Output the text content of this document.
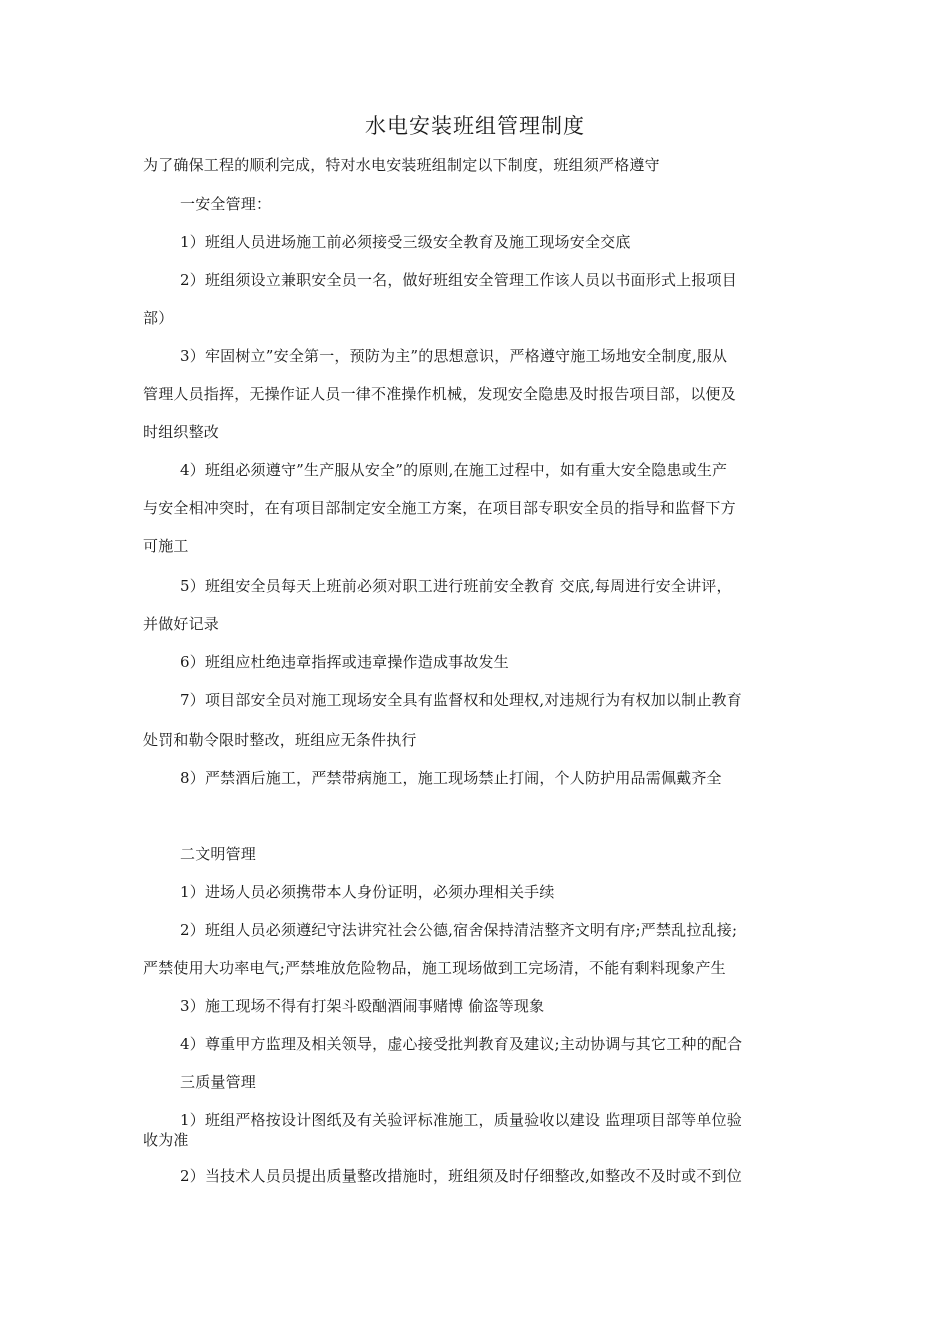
水电安装班组管理制度
为了确保工程的顺利完成，特对水电安装班组制定以下制度，班组须严格遵守
一安全管理：
1）班组人员进场施工前必须接受三级安全教育及施工现场安全交底
2）班组须设立兼职安全员一名，做好班组安全管理工作该人员以书面形式上报项目
部）
3）牢固树立”安全第一，预防为主”的思想意识，严格遵守施工场地安全制度,服从
管理人员指挥，无操作证人员一律不准操作机械，发现安全隐患及时报告项目部，以便及
时组织整改
4）班组必须遵守”生产服从安全”的原则,在施工过程中，如有重大安全隐患或生产
与安全相冲突时，在有项目部制定安全施工方案，在项目部专职安全员的指导和监督下方
可施工
5）班组安全员每天上班前必须对职工进行班前安全教育 交底,每周进行安全讲评，
并做好记录
6）班组应杜绝违章指挥或违章操作造成事故发生
7）项目部安全员对施工现场安全具有监督权和处理权,对违规行为有权加以制止教育
处罚和勒令限时整改，班组应无条件执行
8）严禁酒后施工，严禁带病施工，施工现场禁止打闹，个人防护用品需佩戴齐全
二文明管理
1）进场人员必须携带本人身份证明，必须办理相关手续
2）班组人员必须遵纪守法讲究社会公德,宿舍保持清洁整齐文明有序;严禁乱拉乱接;
严禁使用大功率电气;严禁堆放危险物品，施工现场做到工完场清，不能有剩料现象产生
3）施工现场不得有打架斗殴酗酒闹事赌博 偷盗等现象
4）尊重甲方监理及相关领导，虚心接受批判教育及建议;主动协调与其它工种的配合
三质量管理
1）班组严格按设计图纸及有关验评标准施工，质量验收以建设 监理项目部等单位验
收为准
2）当技术人员员提出质量整改措施时，班组须及时仔细整改,如整改不及时或不到位
